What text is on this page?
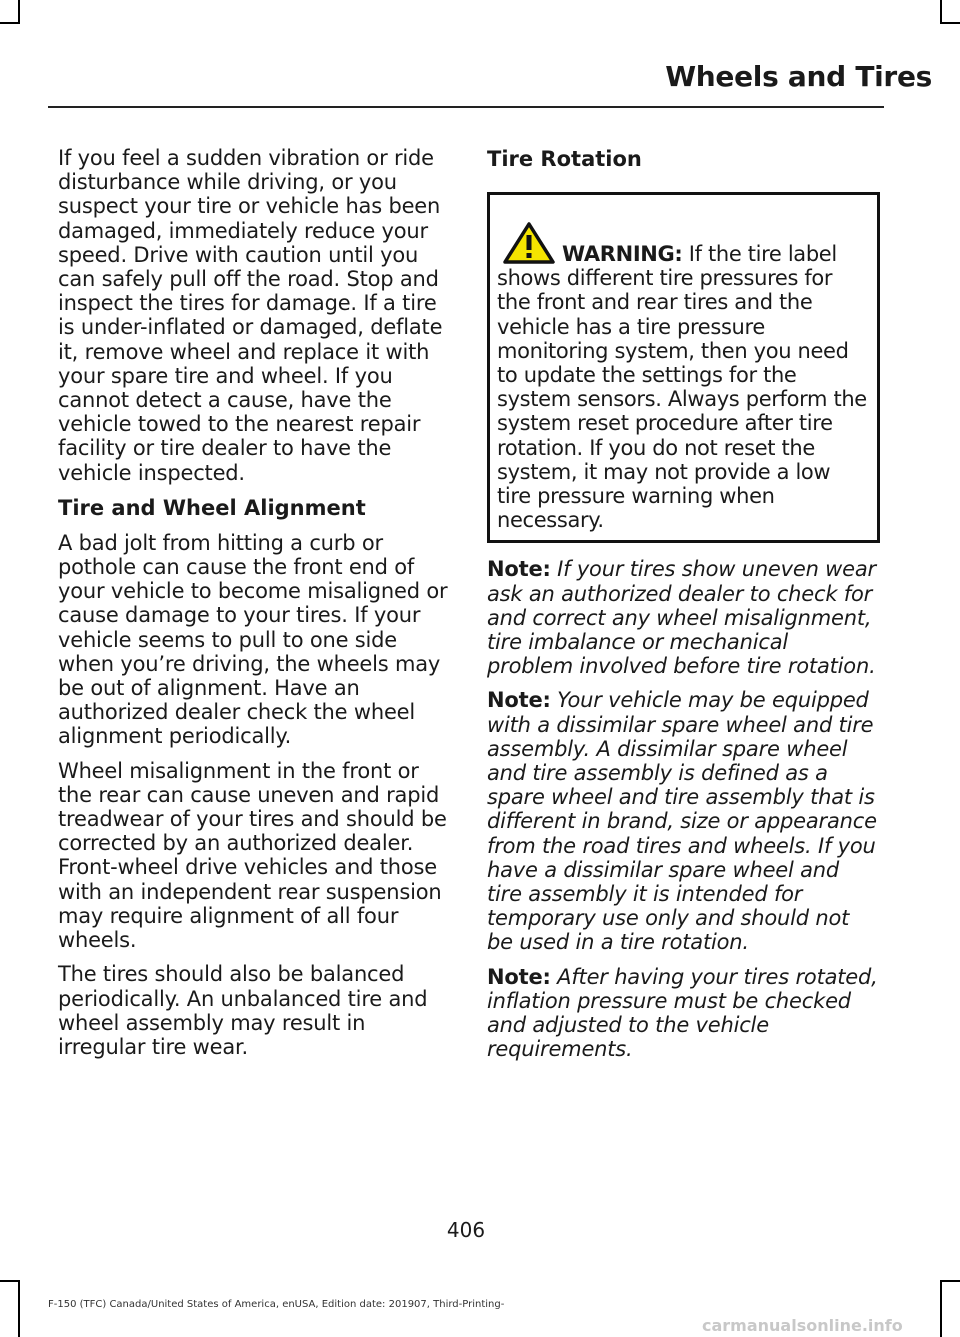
Wheels and Tires

If you feel a sudden vibration or ride disturbance while driving, or you suspect your tire or vehicle has been damaged, immediately reduce your speed. Drive with caution until you can safely pull off the road. Stop and inspect the tires for damage. If a tire is under-inflated or damaged, deflate it, remove wheel and replace it with your spare tire and wheel. If you cannot detect a cause, have the vehicle towed to the nearest repair facility or tire dealer to have the vehicle inspected.

Tire and Wheel Alignment

A bad jolt from hitting a curb or pothole can cause the front end of your vehicle to become misaligned or cause damage to your tires. If your vehicle seems to pull to one side when you’re driving, the wheels may be out of alignment. Have an authorized dealer check the wheel alignment periodically.

Wheel misalignment in the front or the rear can cause uneven and rapid treadwear of your tires and should be corrected by an authorized dealer. Front-wheel drive vehicles and those with an independent rear suspension may require alignment of all four wheels.

The tires should also be balanced periodically. An unbalanced tire and wheel assembly may result in irregular tire wear.

Tire Rotation

WARNING: If the tire label shows different tire pressures for the front and rear tires and the vehicle has a tire pressure monitoring system, then you need to update the settings for the system sensors. Always perform the system reset procedure after tire rotation. If you do not reset the system, it may not provide a low tire pressure warning when necessary.

Note: If your tires show uneven wear ask an authorized dealer to check for and correct any wheel misalignment, tire imbalance or mechanical problem involved before tire rotation.

Note: Your vehicle may be equipped with a dissimilar spare wheel and tire assembly. A dissimilar spare wheel and tire assembly is defined as a spare wheel and tire assembly that is different in brand, size or appearance from the road tires and wheels. If you have a dissimilar spare wheel and tire assembly it is intended for temporary use only and should not be used in a tire rotation.

Note: After having your tires rotated, inflation pressure must be checked and adjusted to the vehicle requirements.

406
F-150 (TFC) Canada/United States of America, enUSA, Edition date: 201907, Third-Printing-
carmanualsonline.info
